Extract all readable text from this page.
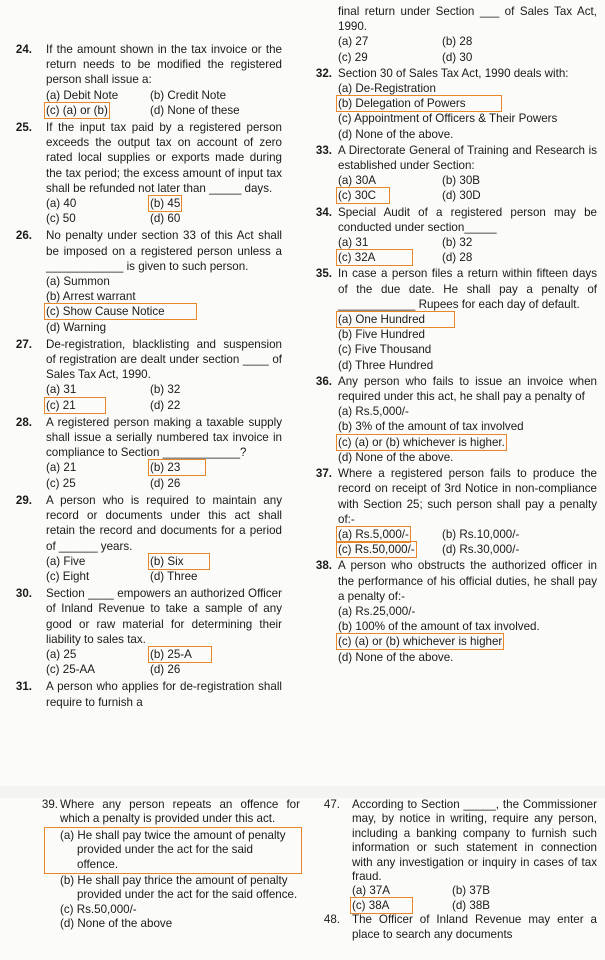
24. If the amount shown in the tax invoice or the return needs to be modified the registered person shall issue a:
(a) Debit Note	(b) Credit Note
(c) (a) or (b)	(d) None of these
25. If the input tax paid by a registered person exceeds the output tax on account of zero rated local supplies or exports made during the tax period; the excess amount of input tax shall be refunded not later than _____ days.
(a) 40	(b) 45
(c) 50	(d) 60
26. No penalty under section 33 of this Act shall be imposed on a registered person unless a ____________ is given to such person.
(a) Summon
(b) Arrest warrant
(c) Show Cause Notice
(d) Warning
27. De-registration, blacklisting and suspension of registration are dealt under section ____ of Sales Tax Act, 1990.
(a) 31	(b) 32
(c) 21	(d) 22
28. A registered person making a taxable supply shall issue a serially numbered tax invoice in compliance to Section ____________?
(a) 21	(b) 23
(c) 25	(d) 26
29. A person who is required to maintain any record or documents under this act shall retain the record and documents for a period of ______ years.
(a) Five	(b) Six
(c) Eight	(d) Three
30. Section ____ empowers an authorized Officer of Inland Revenue to take a sample of any good or raw material for determining their liability to sales tax.
(a) 25	(b) 25-A
(c) 25-AA	(d) 26
31. A person who applies for de-registration shall require to furnish a
final return under Section ___ of Sales Tax Act, 1990.
(a) 27	(b) 28
(c) 29	(d) 30
32. Section 30 of Sales Tax Act, 1990 deals with:
(a) De-Registration
(b) Delegation of Powers
(c) Appointment of Officers & Their Powers
(d) None of the above.
33. A Directorate General of Training and Research is established under Section:
(a) 30A	(b) 30B
(c) 30C	(d) 30D
34. Special Audit of a registered person may be conducted under section_____
(a) 31	(b) 32
(c) 32A	(d) 28
35. In case a person files a return within fifteen days of the due date. He shall pay a penalty of ____________ Rupees for each day of default.
(a) One Hundred
(b) Five Hundred
(c) Five Thousand
(d) Three Hundred
36. Any person who fails to issue an invoice when required under this act, he shall pay a penalty of
(a) Rs.5,000/-
(b) 3% of the amount of tax involved
(c) (a) or (b) whichever is higher.
(d) None of the above.
37. Where a registered person fails to produce the record on receipt of 3rd Notice in non-compliance with Section 25; such person shall pay a penalty of:-
(a) Rs.5,000/-	(b) Rs.10,000/-
(c) Rs.50,000/-	(d) Rs.30,000/-
38. A person who obstructs the authorized officer in the performance of his official duties, he shall pay a penalty of:-
(a) Rs.25,000/-
(b) 100% of the amount of tax involved.
(c) (a) or (b) whichever is higher
(d) None of the above.
39. Where any person repeats an offence for which a penalty is provided under this act.
(a) He shall pay twice the amount of penalty provided under the act for the said offence.
(b) He shall pay thrice the amount of penalty provided under the act for the said offence.
(c) Rs.50,000/-
(d) None of the above
47. According to Section _____, the Commissioner may, by notice in writing, require any person, including a banking company to furnish such information or such statement in connection with any investigation or inquiry in cases of tax fraud.
(a) 37A	(b) 37B
(c) 38A	(d) 38B
48. The Officer of Inland Revenue may enter a place to search any documents
